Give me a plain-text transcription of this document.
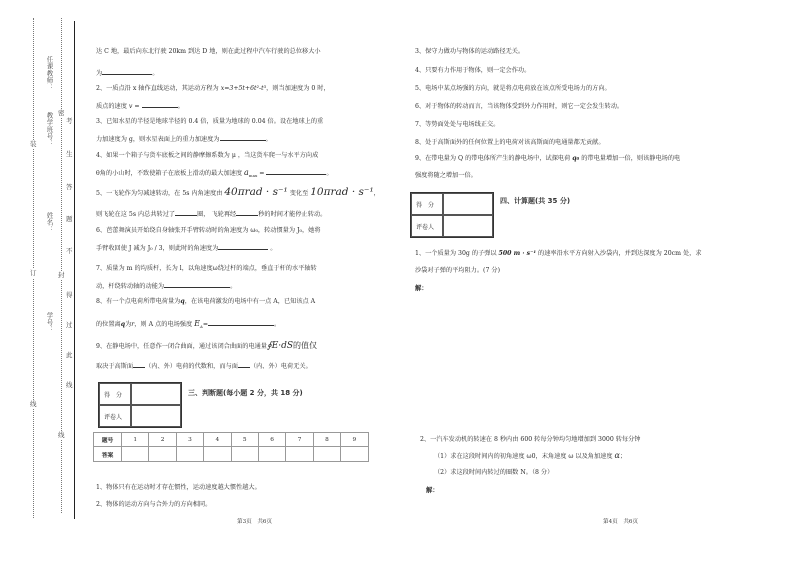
任课教师：
教学班号：
姓名：
学号：
装
订
线
密
封
线
考
生
答
题
不
得
过
此
线
达 C 地，最后向东北行驶 20km 到达 D 地，则在此过程中汽车行驶的总位移大小
为	。
2、一质点沿 x 轴作直线运动，其运动方程为 x=3+5t+6t²-t³，则当加速度为 0 时，
质点的速度 v =	。
3、已知水星的半径是地球半径的 0.4 倍，质量为地球的 0.04 倍。设在地球上的重
力加速度为 g，则水星表面上的重力加速度为	。
4、如果一个箱子与货车底板之间的静摩擦系数为 μ ，当这货车爬一与水平方向成
θ角的小山时，不致使箱子在底板上滑动的最大加速度 $a_{max}$ =	。
5、一飞轮作为匀减速转动，在 5s 内角速度由 40πrad · s⁻¹ 变化至 10πrad · s⁻¹，
则飞轮在这 5s 内总共转过了	圈， 飞轮再经	秒的时间才能停止转动。
6、芭蕾舞演员开始绕自身轴张开手臂转动时的角速度为 ω₀，转动惯量为 J₀，她将
手臂收回使 J 减为 J₀ / 3，则此时的角速度为	。
7、质量为 m 的均质杆，长为 l，以角速度ω绕过杆的端点，垂直于杆的水平轴转
动，杆绕转动轴的动能为	。
8、有一个点电荷所带电荷量为q，在该电荷激发的电场中有一点 A，已知该点 A
的位置离q为r，则 A 点的电场强度 $E_A=$	。
9、在静电场中，任意作一闭合曲面，通过该闭合曲面的电通量∮E·dS的值仅
取决于高斯面 （内、外）电荷的代数和，而与面 （内、外）电荷无关。
得　分
评卷人
三、判断题(每小题 2 分，共 18 分)
题号	1	2	3	4	5	6	7	8	9
答案									
1、物体只有在运动时才存在惯性，运动速度越大惯性越大。
2、物体的运动方向与合外力的方向相同。
第3页　共6页
3、保守力做功与物体的运动路径无关。
4、只要有力作用于物体，则一定会作功。
5、电场中某点场强的方向，就是将点电荷放在该点所受电场力的方向。
6、对于物体的转动而言，当该物体受到外力作用时，则它一定会发生转动。
7、等势面处处与电场线正交。
8、处于高斯面外的任何位置上的电荷对该高斯面的电通量都无贡献。
9、在带电量为 Q 的带电体所产生的静电场中，试探电荷 q₀ 的带电量增加一倍，则该静电场的电
强度将随之增加一倍。
得　分
评卷人
四、计算题(共 35 分)
1、一个质量为 30g 的子弹以 500 m · s⁻¹ 的速率沿水平方向射入沙袋内，并到达深度为 20cm 处，求
沙袋对子弹的平均阻力。(7 分)
解：
2、一汽车发动机的转速在 8 秒内由 600 转每分钟均匀地增加到 3000 转每分钟
（1）求在这段时间内的初角速度 ω0，末角速度 ω 以及角加速度 α；
（2）求这段时间内转过的圈数 N。（8 分）
解：
第4页　共6页
